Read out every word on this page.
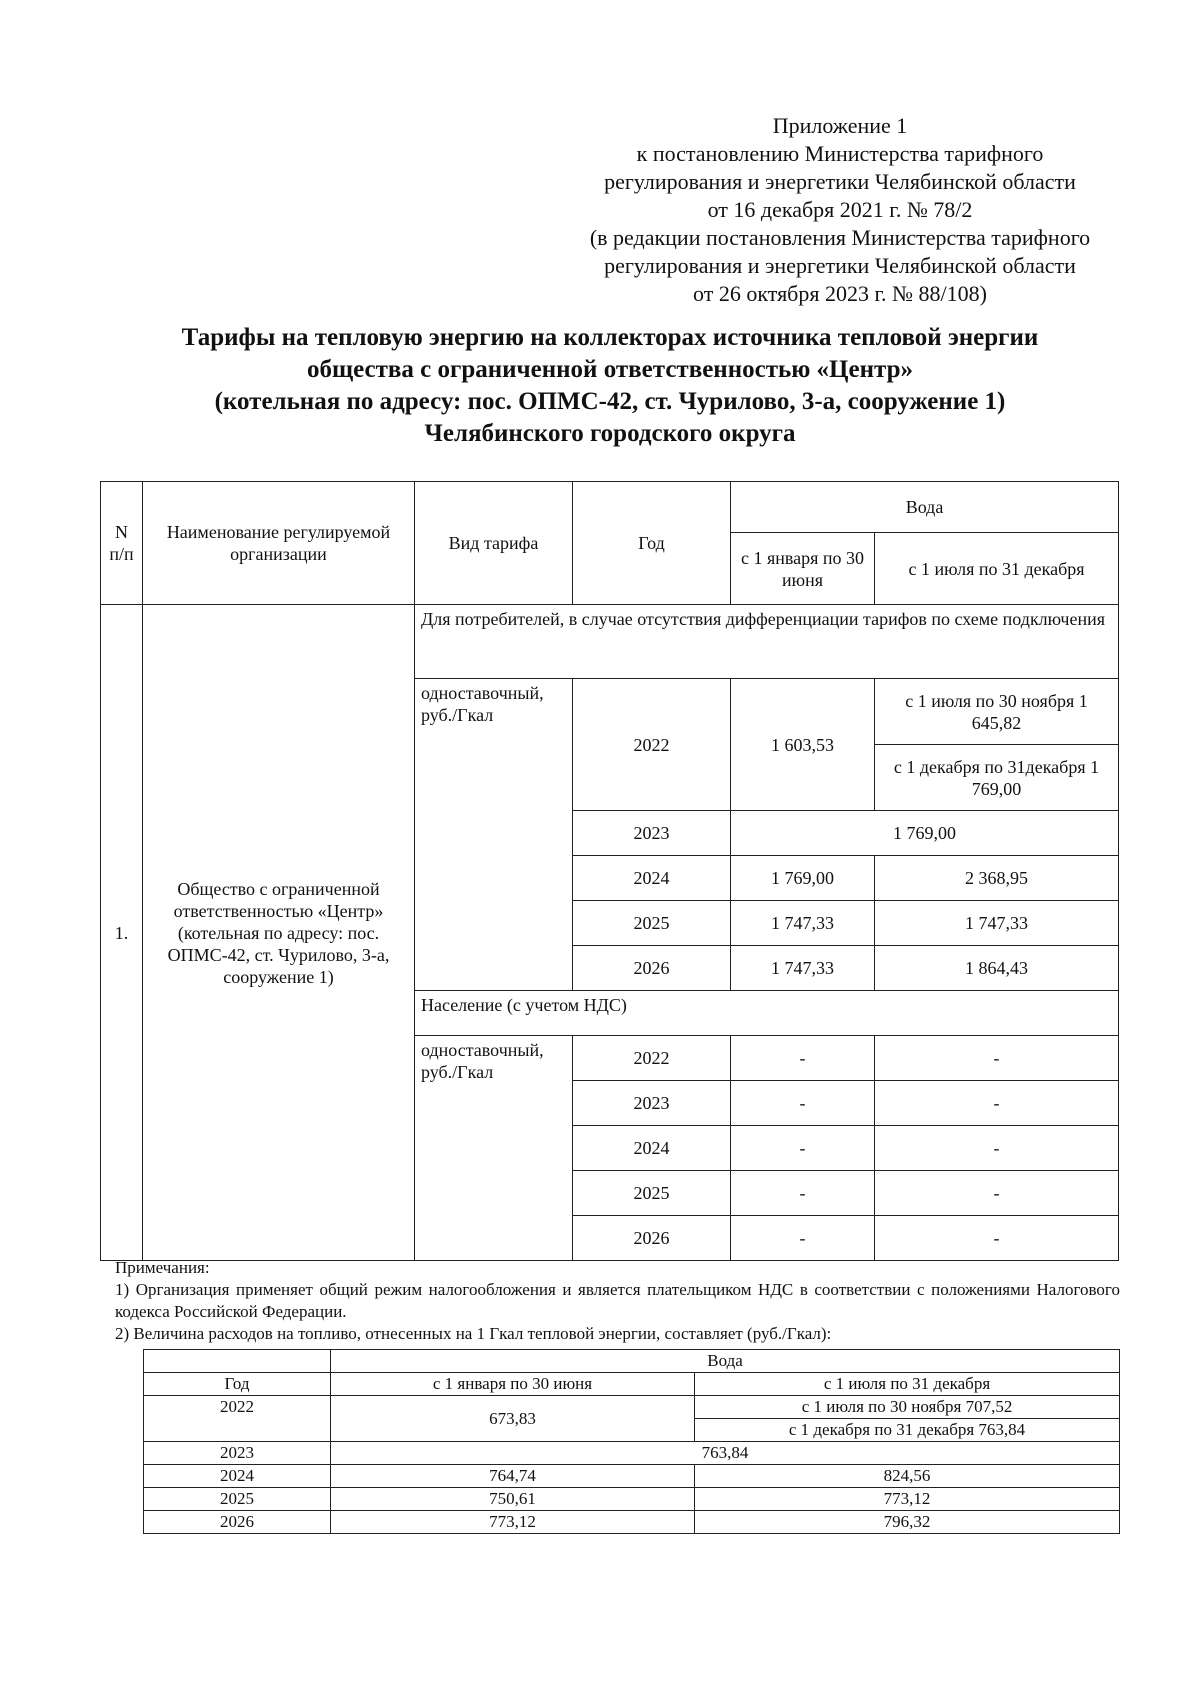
Приложение 1
к постановлению Министерства тарифного
регулирования и энергетики Челябинской области
от 16 декабря 2021 г. № 78/2
(в редакции постановления Министерства тарифного
регулирования и энергетики Челябинской области
от 26 октября 2023 г. № 88/108)
Тарифы на тепловую энергию на коллекторах источника тепловой энергии
общества с ограниченной ответственностью «Центр»
(котельная по адресу: пос. ОПМС-42, ст. Чурилово, 3-а, сооружение 1)
Челябинского городского округа
N п/п	Наименование регулируемой организации	Вид тарифа	Год	Вода	
				с 1 января по 30 июня	с 1 июля по 31 декабря
1.	Общество с ограниченной ответственностью «Центр» (котельная по адресу: пос. ОПМС-42, ст. Чурилово, 3-а, сооружение 1)	Для потребителей, в случае отсутствия дифференциации тарифов по схеме подключения			
		одноставочный, руб./Гкал	2022	1 603,53	с 1 июля по 30 ноября 1 645,82
					с 1 декабря по 31декабря 1 769,00
			2023	1 769,00	
			2024	1 769,00	2 368,95
			2025	1 747,33	1 747,33
			2026	1 747,33	1 864,43
		Население (с учетом НДС)			
		одноставочный, руб./Гкал	2022	-	-
			2023	-	-
			2024	-	-
			2025	-	-
			2026	-	-

Примечания:

1) Организация применяет общий режим налогообложения и является плательщиком НДС в соответствии с положениями Налогового кодекса Российской Федерации.

2) Величина расходов на топливо, отнесенных на 1 Гкал тепловой энергии, составляет (руб./Гкал):

	Вода	
Год	с 1 января по 30 июня	с 1 июля по 31 декабря
2022	673,83	с 1 июля по 30 ноября 707,52
		с 1 декабря по 31 декабря 763,84
2023	763,84	
2024	764,74	824,56
2025	750,61	773,12
2026	773,12	796,32
